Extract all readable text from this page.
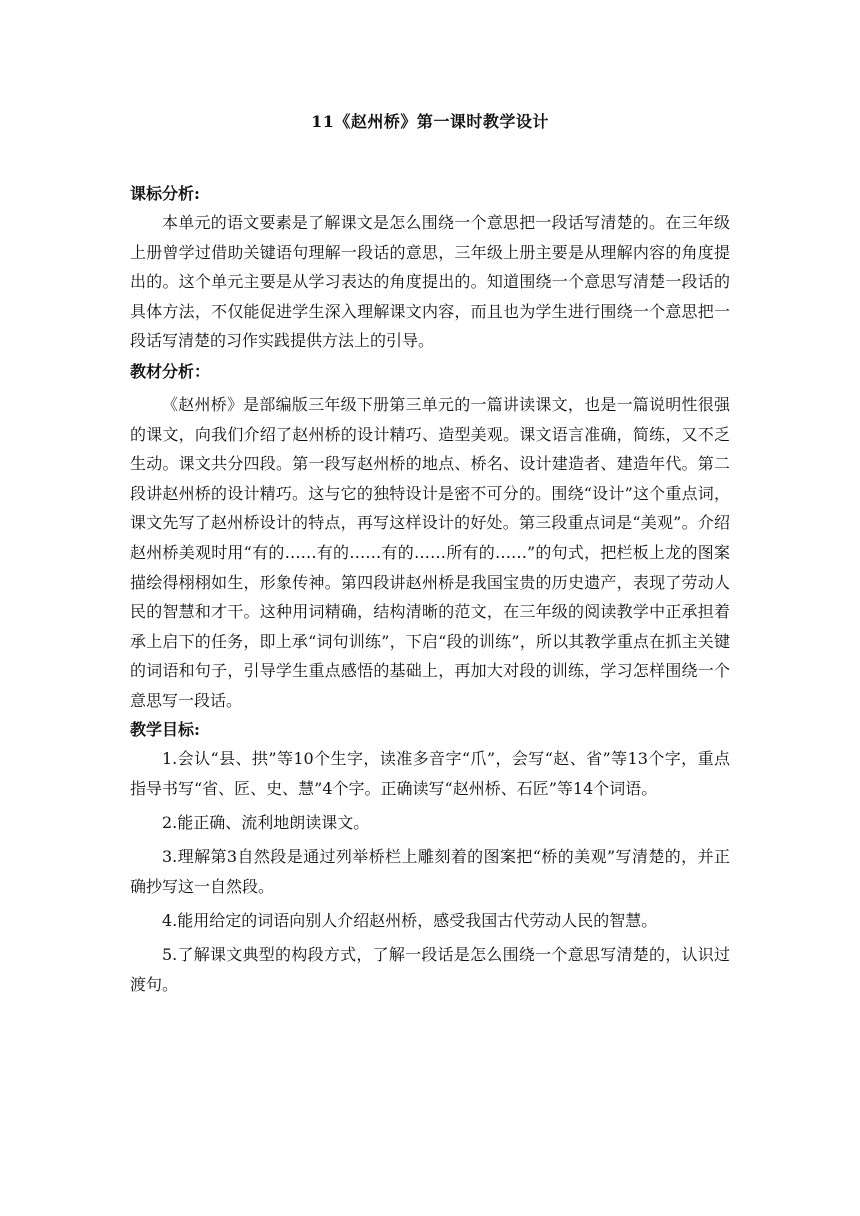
11《赵州桥》第一课时教学设计
课标分析:

本单元的语文要素是了解课文是怎么围绕一个意思把一段话写清楚的。在三年级上册曾学过借助关键语句理解一段话的意思，三年级上册主要是从理解内容的角度提出的。这个单元主要是从学习表达的角度提出的。知道围绕一个意思写清楚一段话的具体方法，不仅能促进学生深入理解课文内容，而且也为学生进行围绕一个意思把一段话写清楚的习作实践提供方法上的引导。

教材分析：

《赵州桥》是部编版三年级下册第三单元的一篇讲读课文，也是一篇说明性很强的课文，向我们介绍了赵州桥的设计精巧、造型美观。课文语言准确，简练，又不乏生动。课文共分四段。第一段写赵州桥的地点、桥名、设计建造者、建造年代。第二段讲赵州桥的设计精巧。这与它的独特设计是密不可分的。围绕“设计”这个重点词，课文先写了赵州桥设计的特点，再写这样设计的好处。第三段重点词是“美观”。介绍赵州桥美观时用“有的……有的……有的……所有的……”的句式，把栏板上龙的图案描绘得栩栩如生，形象传神。第四段讲赵州桥是我国宝贵的历史遗产，表现了劳动人民的智慧和才干。这种用词精确，结构清晰的范文，在三年级的阅读教学中正承担着承上启下的任务，即上承“词句训练”，下启“段的训练”，所以其教学重点在抓主关键的词语和句子，引导学生重点感悟的基础上，再加大对段的训练，学习怎样围绕一个意思写一段话。

教学目标:

1.会认“县、拱”等10个生字，读准多音字“爪”，会写“赵、省”等13个字，重点指导书写“省、匠、史、慧”4个字。正确读写“赵州桥、石匠”等14个词语。

2.能正确、流利地朗读课文。

3.理解第3自然段是通过列举桥栏上雕刻着的图案把“桥的美观”写清楚的，并正确抄写这一自然段。

4.能用给定的词语向别人介绍赵州桥，感受我国古代劳动人民的智慧。

5.了解课文典型的构段方式，了解一段话是怎么围绕一个意思写清楚的，认识过渡句。
